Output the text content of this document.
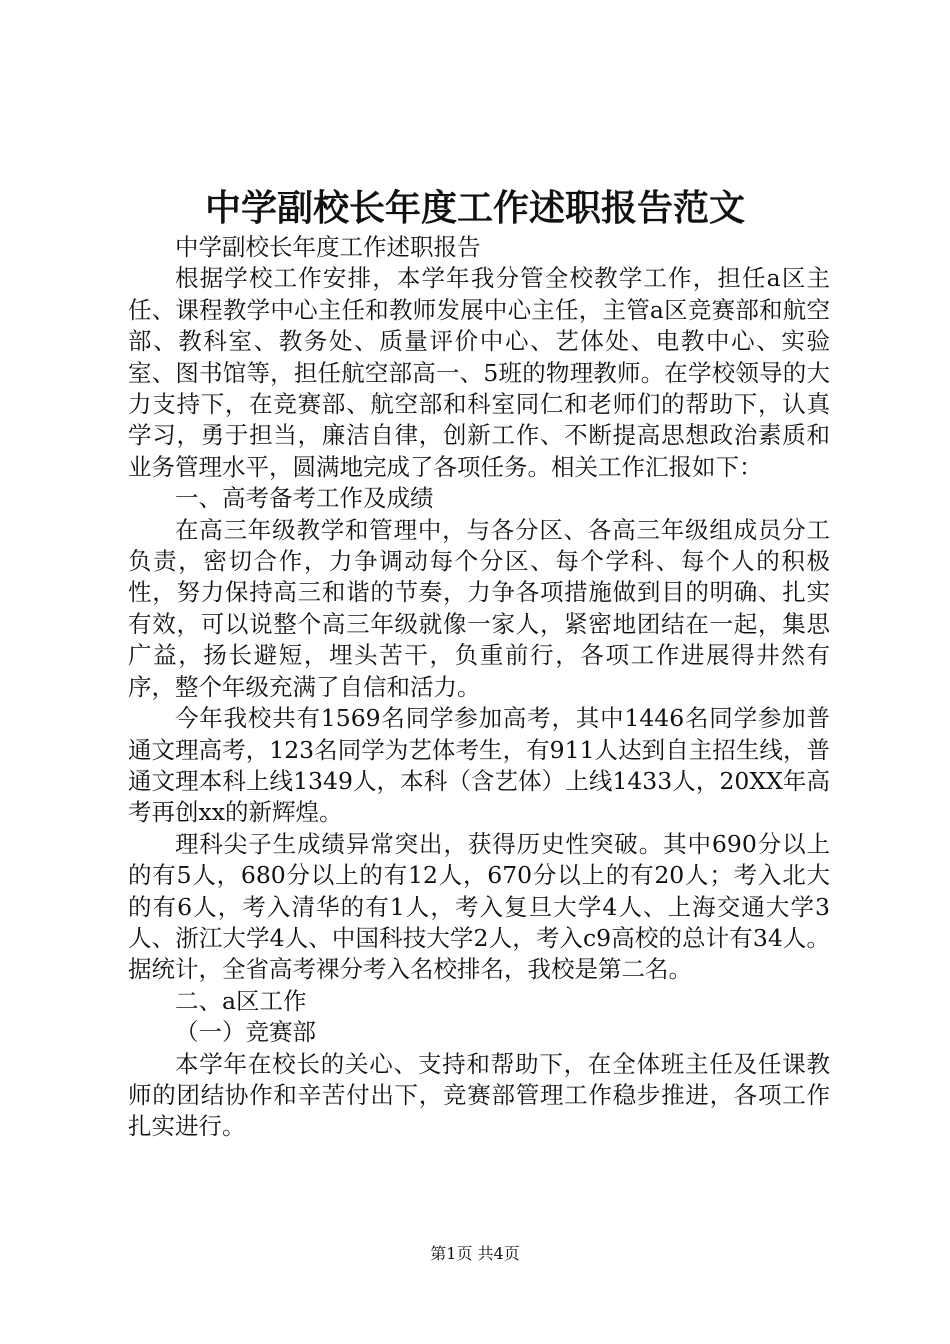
中学副校长年度工作述职报告范文

中学副校长年度工作述职报告

根据学校工作安排，本学年我分管全校教学工作，担任a区主任、课程教学中心主任和教师发展中心主任，主管a区竞赛部和航空部、教科室、教务处、质量评价中心、艺体处、电教中心、实验室、图书馆等，担任航空部高一、5班的物理教师。在学校领导的大力支持下，在竞赛部、航空部和科室同仁和老师们的帮助下，认真学习，勇于担当，廉洁自律，创新工作、不断提高思想政治素质和业务管理水平，圆满地完成了各项任务。相关工作汇报如下：

一、高考备考工作及成绩

在高三年级教学和管理中，与各分区、各高三年级组成员分工负责，密切合作，力争调动每个分区、每个学科、每个人的积极性，努力保持高三和谐的节奏，力争各项措施做到目的明确、扎实有效，可以说整个高三年级就像一家人，紧密地团结在一起，集思广益，扬长避短，埋头苦干，负重前行，各项工作进展得井然有序，整个年级充满了自信和活力。

今年我校共有1569名同学参加高考，其中1446名同学参加普通文理高考，123名同学为艺体考生，有911人达到自主招生线，普通文理本科上线1349人，本科（含艺体）上线1433人，20XX年高考再创xx的新辉煌。

理科尖子生成绩异常突出，获得历史性突破。其中690分以上的有5人，680分以上的有12人，670分以上的有20人；考入北大的有6人，考入清华的有1人，考入复旦大学4人、上海交通大学3人、浙江大学4人、中国科技大学2人，考入c9高校的总计有34人。据统计，全省高考裸分考入名校排名，我校是第二名。

二、a区工作

（一）竞赛部

本学年在校长的关心、支持和帮助下，在全体班主任及任课教师的团结协作和辛苦付出下，竞赛部管理工作稳步推进，各项工作扎实进行。

第1页 共4页
